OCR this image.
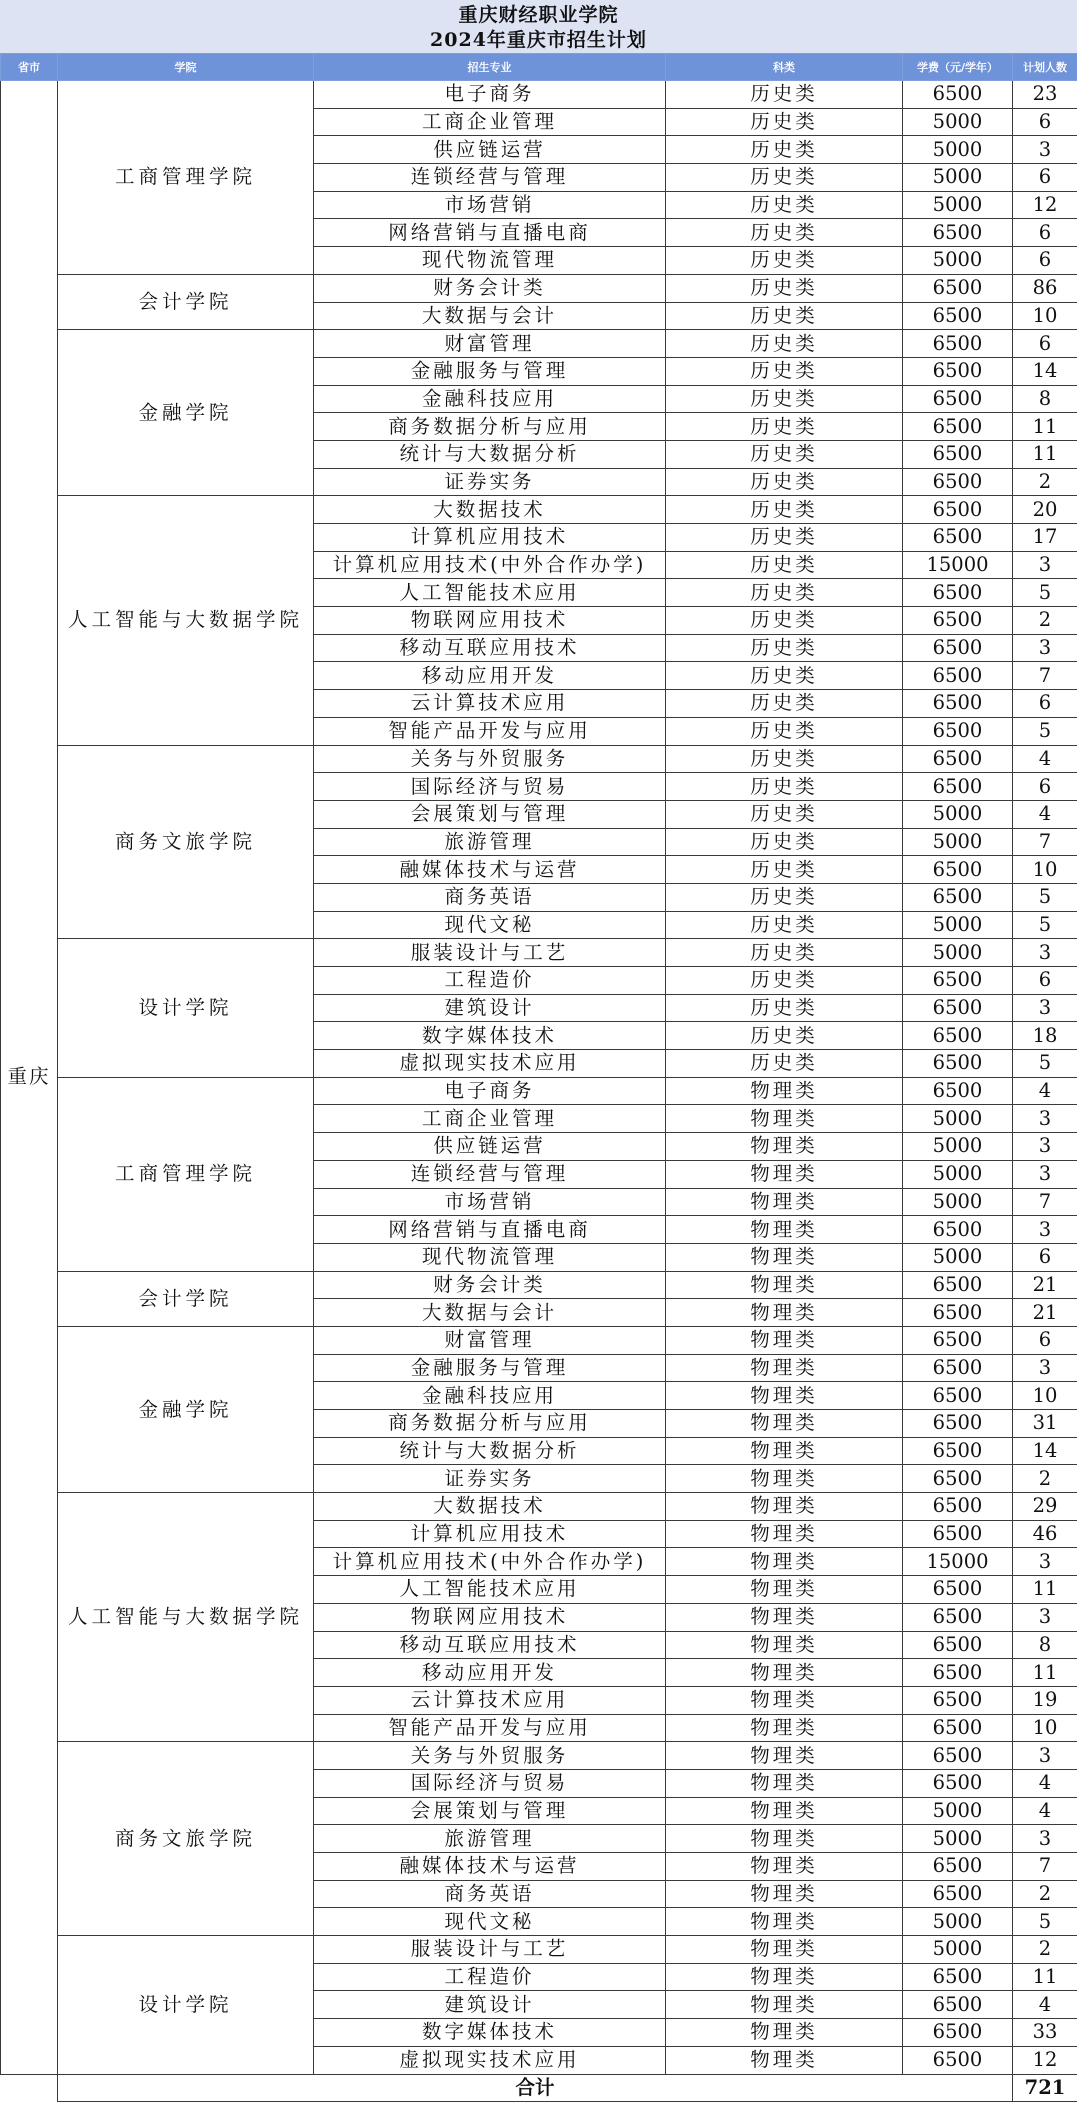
重庆财经职业学院
2024年重庆市招生计划
省市	学院	招生专业	科类	学费（元/学年）	计划人数
重庆	工商管理学院	电子商务	历史类	6500	23
		工商企业管理	历史类	5000	6
		供应链运营	历史类	5000	3
		连锁经营与管理	历史类	5000	6
		市场营销	历史类	5000	12
		网络营销与直播电商	历史类	6500	6
		现代物流管理	历史类	5000	6
	会计学院	财务会计类	历史类	6500	86
		大数据与会计	历史类	6500	10
	金融学院	财富管理	历史类	6500	6
		金融服务与管理	历史类	6500	14
		金融科技应用	历史类	6500	8
		商务数据分析与应用	历史类	6500	11
		统计与大数据分析	历史类	6500	11
		证券实务	历史类	6500	2
	人工智能与大数据学院	大数据技术	历史类	6500	20
		计算机应用技术	历史类	6500	17
		计算机应用技术(中外合作办学)	历史类	15000	3
		人工智能技术应用	历史类	6500	5
		物联网应用技术	历史类	6500	2
		移动互联应用技术	历史类	6500	3
		移动应用开发	历史类	6500	7
		云计算技术应用	历史类	6500	6
		智能产品开发与应用	历史类	6500	5
	商务文旅学院	关务与外贸服务	历史类	6500	4
		国际经济与贸易	历史类	6500	6
		会展策划与管理	历史类	5000	4
		旅游管理	历史类	5000	7
		融媒体技术与运营	历史类	6500	10
		商务英语	历史类	6500	5
		现代文秘	历史类	5000	5
	设计学院	服装设计与工艺	历史类	5000	3
		工程造价	历史类	6500	6
		建筑设计	历史类	6500	3
		数字媒体技术	历史类	6500	18
		虚拟现实技术应用	历史类	6500	5
	工商管理学院	电子商务	物理类	6500	4
		工商企业管理	物理类	5000	3
		供应链运营	物理类	5000	3
		连锁经营与管理	物理类	5000	3
		市场营销	物理类	5000	7
		网络营销与直播电商	物理类	6500	3
		现代物流管理	物理类	5000	6
	会计学院	财务会计类	物理类	6500	21
		大数据与会计	物理类	6500	21
	金融学院	财富管理	物理类	6500	6
		金融服务与管理	物理类	6500	3
		金融科技应用	物理类	6500	10
		商务数据分析与应用	物理类	6500	31
		统计与大数据分析	物理类	6500	14
		证券实务	物理类	6500	2
	人工智能与大数据学院	大数据技术	物理类	6500	29
		计算机应用技术	物理类	6500	46
		计算机应用技术(中外合作办学)	物理类	15000	3
		人工智能技术应用	物理类	6500	11
		物联网应用技术	物理类	6500	3
		移动互联应用技术	物理类	6500	8
		移动应用开发	物理类	6500	11
		云计算技术应用	物理类	6500	19
		智能产品开发与应用	物理类	6500	10
	商务文旅学院	关务与外贸服务	物理类	6500	3
		国际经济与贸易	物理类	6500	4
		会展策划与管理	物理类	5000	4
		旅游管理	物理类	5000	3
		融媒体技术与运营	物理类	6500	7
		商务英语	物理类	6500	2
		现代文秘	物理类	5000	5
	设计学院	服装设计与工艺	物理类	5000	2
		工程造价	物理类	6500	11
		建筑设计	物理类	6500	4
		数字媒体技术	物理类	6500	33
		虚拟现实技术应用	物理类	6500	12
	合计				721
